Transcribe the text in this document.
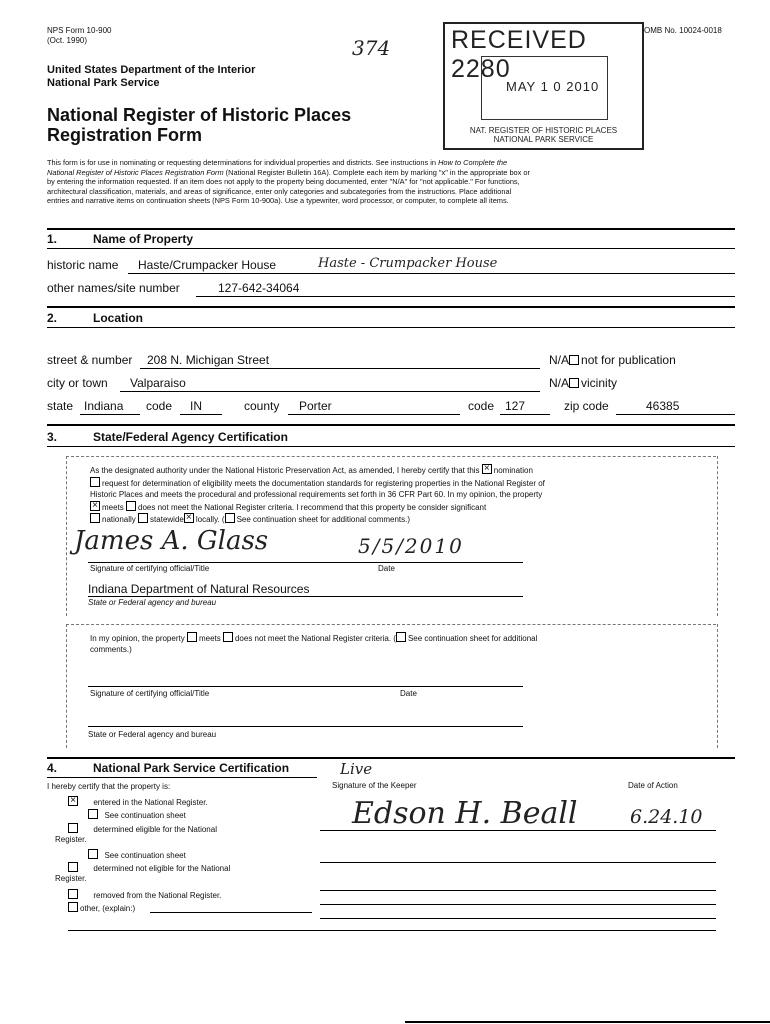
NPS Form 10-900
(Oct. 1990)	374
OMB No. 10024-0018
United States Department of the Interior
National Park Service
National Register of Historic Places
Registration Form
RECEIVED 2280
MAY 1 0 2010
NAT. REGISTER OF HISTORIC PLACES
NATIONAL PARK SERVICE
This form is for use in nominating or requesting determinations for individual properties and districts. See instructions in How to Complete the
National Register of Historic Places Registration Form (National Register Bulletin 16A). Complete each item by marking "x" in the appropriate box or
by entering the information requested. If an item does not apply to the property being documented, enter "N/A" for "not applicable." For functions,
architectural classification, materials, and areas of significance, enter only categories and subcategories from the instructions. Place additional
entries and narrative items on continuation sheets (NPS Form 10-900a). Use a typewriter, word processor, or computer, to complete all items.
1.	Name of Property
historic name Haste/Crumpacker House	Haste - Crumpacker House
other names/site number	127-642-34064
2.	Location
street & number 208 N. Michigan Street	N/A not for publication
city or town Valparaiso	N/A vicinity
state Indiana code IN	county Porter	code 127	zip code	46385
3.	State/Federal Agency Certification
As the designated authority under the National Historic Preservation Act, as amended, I hereby certify that this × nomination
request for determination of eligibility meets the documentation standards for registering properties in the National Register of
Historic Places and meets the procedural and professional requirements set forth in 36 CFR Part 60. In my opinion, the property
×meets does not meet the National Register criteria. I recommend that this property be consider significant
nationally statewide × locally. ( See continuation sheet for additional comments.)
James A. Glass	5/5/2010
Signature of certifying official/Title	Date
Indiana Department of Natural Resources
State or Federal agency and bureau
In my opinion, the property meets does not meet the National Register criteria. ( See continuation sheet for additional
comments.)
Signature of certifying official/Title	Date
State or Federal agency and bureau
4.	National Park Service Certification
I hereby certify that the property is:
×      entered in the National Register.
See continuation sheet
determined eligible for the National
Register.
See continuation sheet
determined not eligible for the National
Register.
removed from the National Register.
other, (explain:)
Live
Signature of the Keeper	Date of Action
Edson H. Beall	6.24.10
